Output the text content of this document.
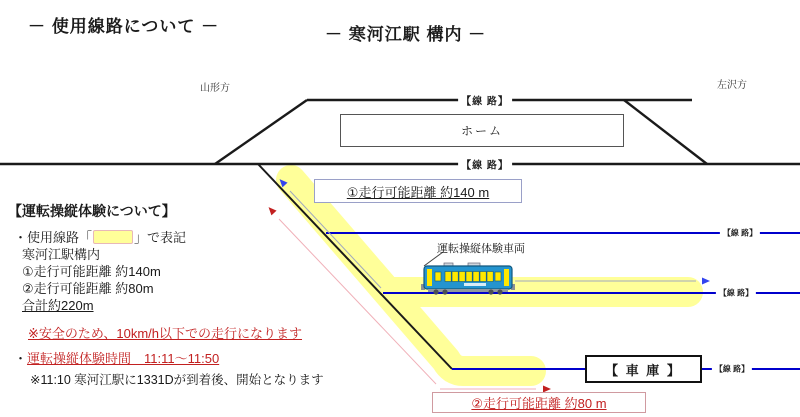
－ 使用線路について －	－ 寒河江駅 構内 －
山形方	左沢方
【線 路】
【線 路】
【線 路】
【線 路】
【線 路】
ホーム
①走行可能距離 約140 m
運転操縦体験車両
【 車 庫 】
②走行可能距離 約80 m
【運転操縦体験について】
・使用線路「	」で表記
寒河江駅構内
①走行可能距離 約140m
②走行可能距離 約80m
合計約220m
※安全のため、10km/h以下での走行になります
・運転操縦体験時間　11:11～11:50
※11:10 寒河江駅に1331Dが到着後、開始となります
